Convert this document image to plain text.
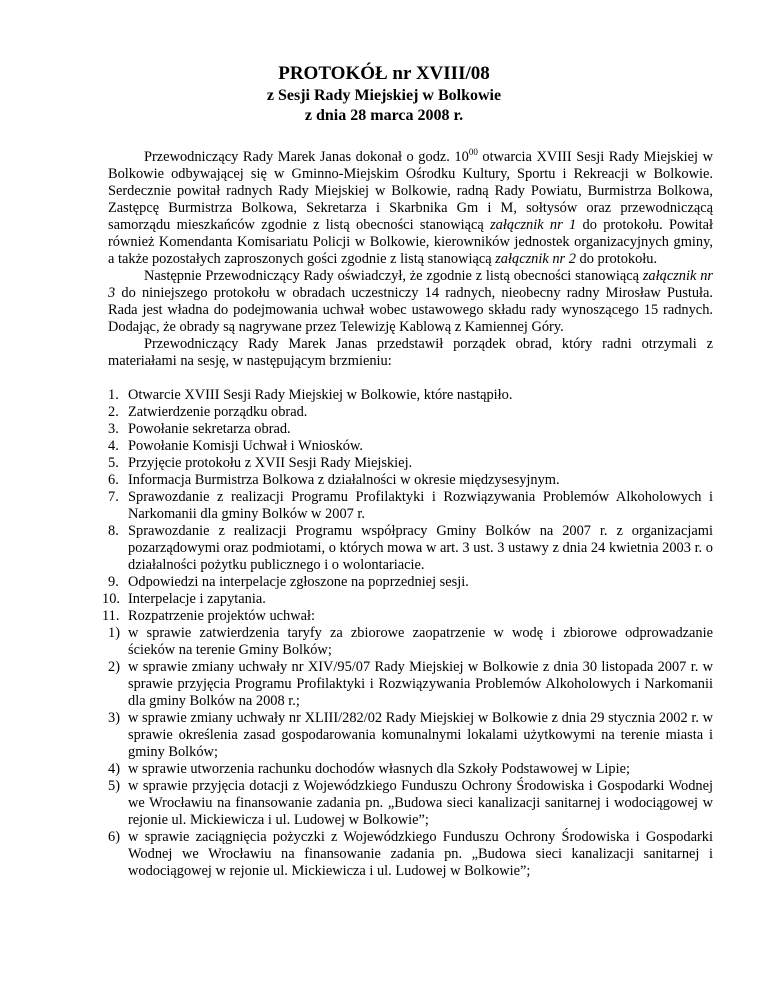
PROTOKÓŁ nr XVIII/08
z Sesji Rady Miejskiej w Bolkowie
z dnia 28 marca 2008 r.

Przewodniczący Rady Marek Janas dokonał o godz. $10^{00}$ otwarcia XVIII Sesji Rady Miejskiej w Bolkowie odbywającej się w Gminno-Miejskim Ośrodku Kultury, Sportu i Rekreacji w Bolkowie. Serdecznie powitał radnych Rady Miejskiej w Bolkowie, radną Rady Powiatu, Burmistrza Bolkowa, Zastępcę Burmistrza Bolkowa, Sekretarza i Skarbnika Gm i M, sołtysów oraz przewodniczącą samorządu mieszkańców zgodnie z listą obecności stanowiącą załącznik nr 1 do protokołu. Powitał również Komendanta Komisariatu Policji w Bolkowie, kierowników jednostek organizacyjnych gminy, a także pozostałych zaproszonych gości zgodnie z listą stanowiącą załącznik nr 2 do protokołu.

Następnie Przewodniczący Rady oświadczył, że zgodnie z listą obecności stanowiącą załącznik nr 3 do niniejszego protokołu w obradach uczestniczy 14 radnych, nieobecny radny Mirosław Pustuła. Rada jest władna do podejmowania uchwał wobec ustawowego składu rady wynoszącego 15 radnych. Dodając, że obrady są nagrywane przez Telewizję Kablową z Kamiennej Góry.

Przewodniczący Rady Marek Janas przedstawił porządek obrad, który radni otrzymali z materiałami na sesję, w następującym brzmieniu:

1. Otwarcie XVIII Sesji Rady Miejskiej w Bolkowie, które nastąpiło.
2. Zatwierdzenie porządku obrad.
3. Powołanie sekretarza obrad.
4. Powołanie Komisji Uchwał i Wniosków.
5. Przyjęcie protokołu z XVII Sesji Rady Miejskiej.
6. Informacja Burmistrza Bolkowa z działalności w okresie międzysesyjnym.
7. Sprawozdanie z realizacji Programu Profilaktyki i Rozwiązywania Problemów Alkoholowych i Narkomanii dla gminy Bolków w 2007 r.
8. Sprawozdanie z realizacji Programu współpracy Gminy Bolków na 2007 r. z organizacjami pozarządowymi oraz podmiotami, o których mowa w art. 3 ust. 3 ustawy z dnia 24 kwietnia 2003 r. o działalności pożytku publicznego i o wolontariacie.
9. Odpowiedzi na interpelacje zgłoszone na poprzedniej sesji.
10. Interpelacje i zapytania.
11. Rozpatrzenie projektów uchwał:
1) w sprawie zatwierdzenia taryfy za zbiorowe zaopatrzenie w wodę i zbiorowe odprowadzanie ścieków na terenie Gminy Bolków;
2) w sprawie zmiany uchwały nr XIV/95/07 Rady Miejskiej w Bolkowie z dnia 30 listopada 2007 r. w sprawie przyjęcia Programu Profilaktyki i Rozwiązywania Problemów Alkoholowych i Narkomanii dla gminy Bolków na 2008 r.;
3) w sprawie zmiany uchwały nr XLIII/282/02 Rady Miejskiej w Bolkowie z dnia 29 stycznia 2002 r. w sprawie określenia zasad gospodarowania komunalnymi lokalami użytkowymi na terenie miasta i gminy Bolków;
4) w sprawie utworzenia rachunku dochodów własnych dla Szkoły Podstawowej w Lipie;
5) w sprawie przyjęcia dotacji z Wojewódzkiego Funduszu Ochrony Środowiska i Gospodarki Wodnej we Wrocławiu na finansowanie zadania pn. „Budowa sieci kanalizacji sanitarnej i wodociągowej w rejonie ul. Mickiewicza i ul. Ludowej w Bolkowie”;
6) w sprawie zaciągnięcia pożyczki z Wojewódzkiego Funduszu Ochrony Środowiska i Gospodarki Wodnej we Wrocławiu na finansowanie zadania pn. „Budowa sieci kanalizacji sanitarnej i wodociągowej w rejonie ul. Mickiewicza i ul. Ludowej w Bolkowie”;
